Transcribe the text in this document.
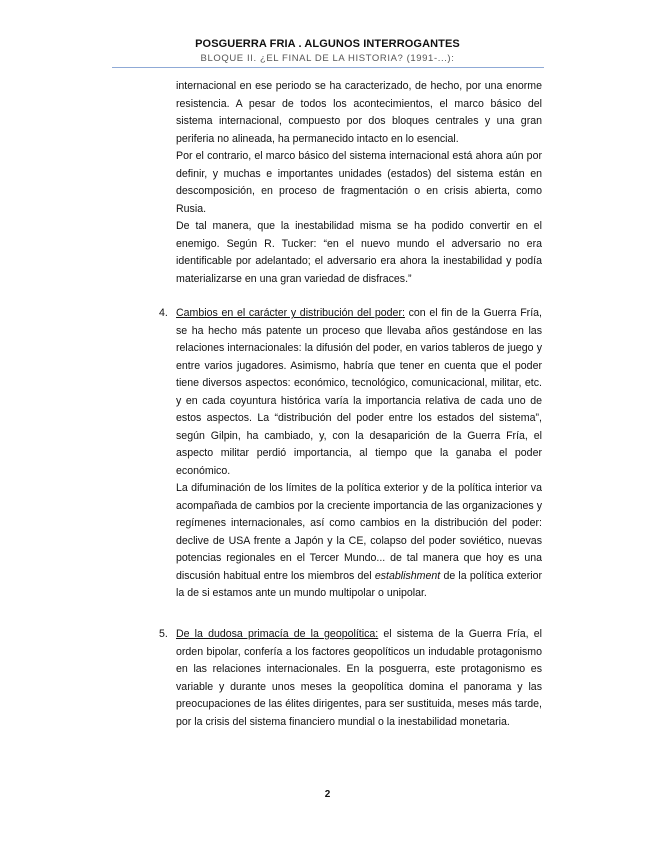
POSGUERRA FRIA . ALGUNOS INTERROGANTES
BLOQUE II. ¿EL FINAL DE LA HISTORIA? (1991-...):

internacional en ese periodo se ha caracterizado, de hecho, por una enorme resistencia. A pesar de todos los acontecimientos, el marco básico del sistema internacional, compuesto por dos bloques centrales y una gran periferia no alineada, ha permanecido intacto en lo esencial.

Por el contrario, el marco básico del sistema internacional está ahora aún por definir, y muchas e importantes unidades (estados) del sistema están en descomposición, en proceso de fragmentación o en crisis abierta, como Rusia.

De tal manera, que la inestabilidad misma se ha podido convertir en el enemigo. Según R. Tucker: “en el nuevo mundo el adversario no era identificable por adelantado; el adversario era ahora la inestabilidad y podía materializarse en una gran variedad de disfraces.”

4. Cambios en el carácter y distribución del poder: con el fin de la Guerra Fría, se ha hecho más patente un proceso que llevaba años gestándose en las relaciones internacionales: la difusión del poder, en varios tableros de juego y entre varios jugadores. Asimismo, habría que tener en cuenta que el poder tiene diversos aspectos: económico, tecnológico, comunicacional, militar, etc. y en cada coyuntura histórica varía la importancia relativa de cada uno de estos aspectos. La “distribución del poder entre los estados del sistema”, según Gilpin, ha cambiado, y, con la desaparición de la Guerra Fría, el aspecto militar perdió importancia, al tiempo que la ganaba el poder económico.

La difuminación de los límites de la política exterior y de la política interior va acompañada de cambios por la creciente importancia de las organizaciones y regímenes internacionales, así como cambios en la distribución del poder: declive de USA frente a Japón y la CE, colapso del poder soviético, nuevas potencias regionales en el Tercer Mundo... de tal manera que hoy es una discusión habitual entre los miembros del establishment de la política exterior la de si estamos ante un mundo multipolar o unipolar.

5. De la dudosa primacía de la geopolítica: el sistema de la Guerra Fría, el orden bipolar, confería a los factores geopolíticos un indudable protagonismo en las relaciones internacionales. En la posguerra, este protagonismo es variable y durante unos meses la geopolítica domina el panorama y las preocupaciones de las élites dirigentes, para ser sustituida, meses más tarde, por la crisis del sistema financiero mundial o la inestabilidad monetaria.

2
